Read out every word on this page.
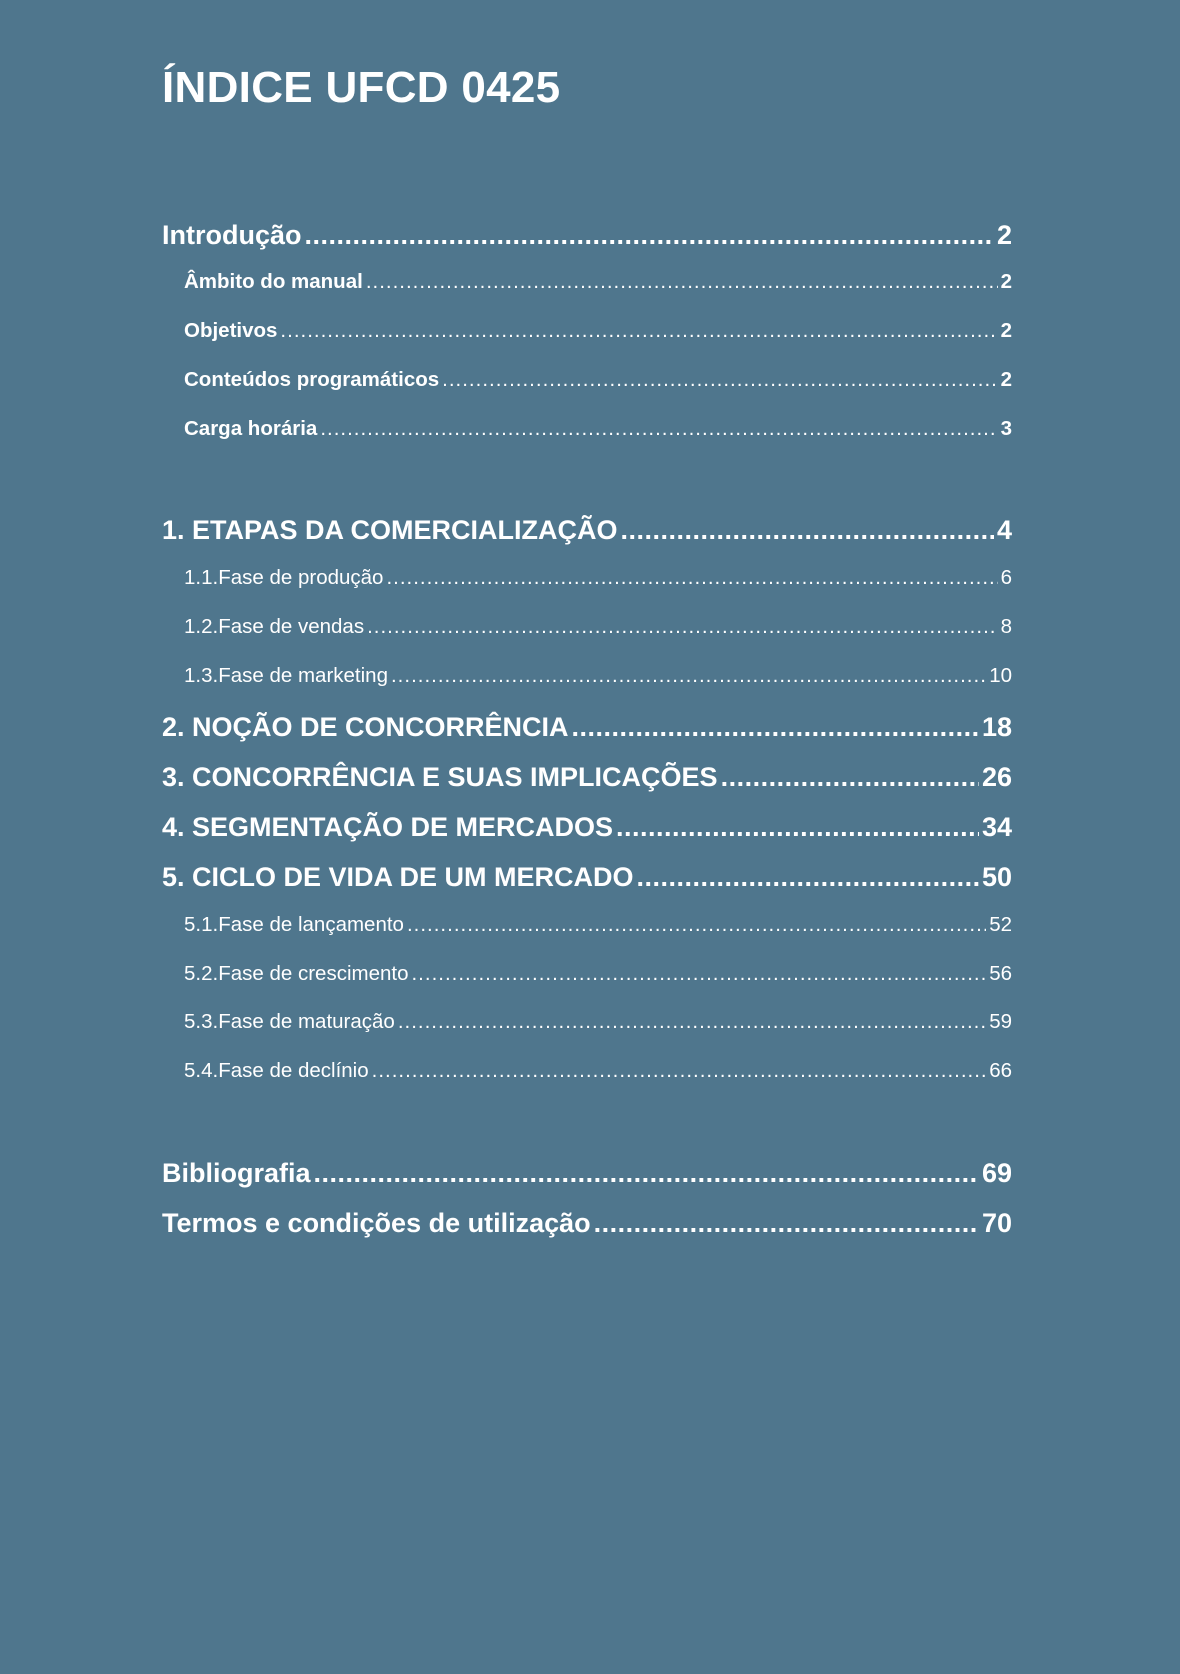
ÍNDICE UFCD 0425
Introdução .....	2
Âmbito do manual .....	2
Objetivos .....	2
Conteúdos programáticos .....	2
Carga horária .....	3
1. ETAPAS DA COMERCIALIZAÇÃO .....	4
1.1.Fase de produção .....	6
1.2.Fase de vendas .....	8
1.3.Fase de marketing .....	10
2. NOÇÃO DE CONCORRÊNCIA .....	18
3. CONCORRÊNCIA E SUAS IMPLICAÇÕES .....	26
4. SEGMENTAÇÃO DE MERCADOS .....	34
5. CICLO DE VIDA DE UM MERCADO .....	50
5.1.Fase de lançamento .....	52
5.2.Fase de crescimento .....	56
5.3.Fase de maturação .....	59
5.4.Fase de declínio .....	66
Bibliografia .....	69
Termos e condições de utilização .....	70
